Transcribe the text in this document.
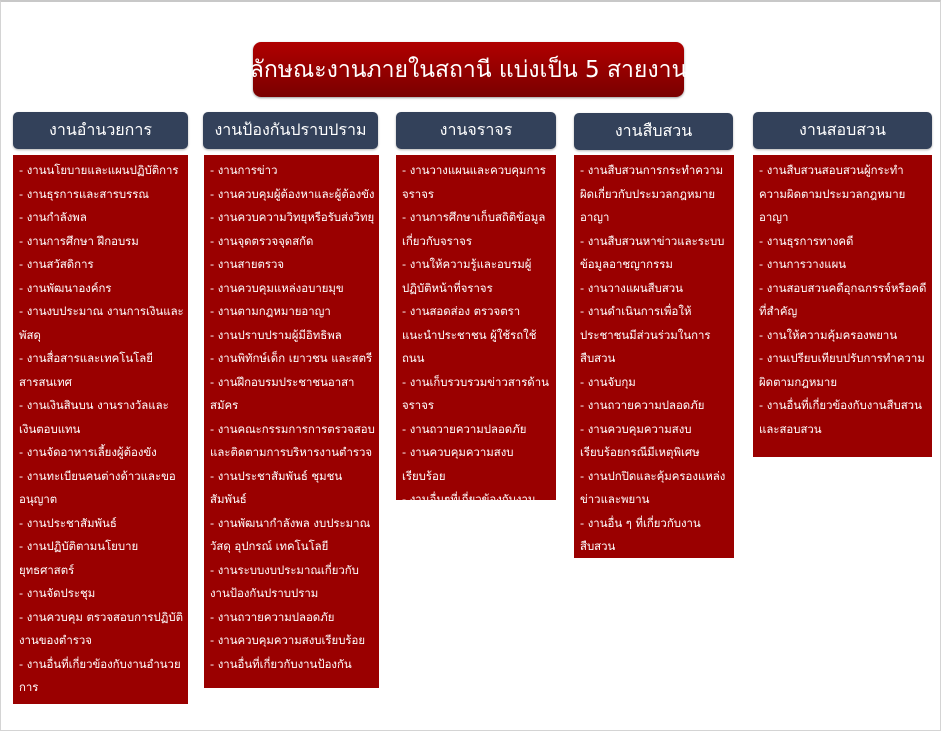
ลักษณะงานภายในสถานี แบ่งเป็น 5 สายงาน
งานอำนวยการ
- งานนโยบายและแผนปฏิบัติการ
- งานธุรการและสารบรรณ
- งานกำลังพล
- งานการศึกษา ฝึกอบรม
- งานสวัสดิการ
- งานพัฒนาองค์กร
- งานงบประมาณ งานการเงินและพัสดุ
- งานสื่อสารและเทคโนโลยีสารสนเทศ
- งานเงินสินบน งานรางวัลและเงินตอบแทน
- งานจัดอาหารเลี้ยงผู้ต้องขัง
- งานทะเบียนคนต่างด้าวและขออนุญาต
- งานประชาสัมพันธ์
- งานปฏิบัติตามนโยบายยุทธศาสตร์
- งานจัดประชุม
- งานควบคุม ตรวจสอบการปฏิบัติงานของตำรวจ
- งานอื่นที่เกี่ยวข้องกับงานอำนวยการ
งานป้องกันปราบปราม
- งานการข่าว
- งานควบคุมผู้ต้องหาและผู้ต้องขัง
- งานควบความวิทยุหรือรับส่งวิทยุ
- งานจุดตรวจจุดสกัด
- งานสายตรวจ
- งานควบคุมแหล่งอบายมุข
- งานตามกฎหมายอาญา
- งานปราบปรามผู้มีอิทธิพล
- งานพิทักษ์เด็ก เยาวชน และสตรี
- งานฝึกอบรมประชาชนอาสาสมัคร
- งานคณะกรรมการการตรวจสอบและติดตามการบริหารงานตำรวจ
- งานประชาสัมพันธ์ ชุมชนสัมพันธ์
- งานพัฒนากำลังพล งบประมาณ วัสดุ อุปกรณ์ เทคโนโลยี
- งานระบบงบประมาณเกี่ยวกับงานป้องกันปราบปราม
- งานถวายความปลอดภัย
- งานควบคุมความสงบเรียบร้อย
- งานอื่นที่เกี่ยวกับงานป้องกัน
งานจราจร
- งานวางแผนและควบคุมการจราจร
- งานการศึกษาเก็บสถิติข้อมูลเกี่ยวกับจราจร
- งานให้ความรู้และอบรมผู้ปฏิบัติหน้าที่จราจร
- งานสอดส่อง ตรวจตรา แนะนำประชาชน ผู้ใช้รถใช้ถนน
- งานเก็บรวบรวมข่าวสารด้านจราจร
- งานถวายความปลอดภัย
- งานควบคุมความสงบเรียบร้อย
- งานอื่นๆที่เกี่ยวข้องกับงาน
งานสืบสวน
- งานสืบสวนการกระทำความผิดเกี่ยวกับประมวลกฎหมายอาญา
- งานสืบสวนหาข่าวและระบบข้อมูลอาชญากรรม
- งานวางแผนสืบสวน
- งานดำเนินการเพื่อให้ประชาชนมีส่วนร่วมในการสืบสวน
- งานจับกุม
- งานถวายความปลอดภัย
- งานควบคุมความสงบเรียบร้อยกรณีมีเหตุพิเศษ
- งานปกปิดและคุ้มครองแหล่งข่าวและพยาน
- งานอื่น ๆ ที่เกี่ยวกับงานสืบสวน
งานสอบสวน
- งานสืบสวนสอบสวนผู้กระทำความผิดตามประมวลกฎหมายอาญา
- งานธุรการทางคดี
- งานการวางแผน
- งานสอบสวนคดีอุกฉกรรจ์หรือคดีที่สำคัญ
- งานให้ความคุ้มครองพยาน
- งานเปรียบเทียบปรับการทำความผิดตามกฎหมาย
- งานอื่นที่เกี่ยวข้องกับงานสืบสวนและสอบสวน
